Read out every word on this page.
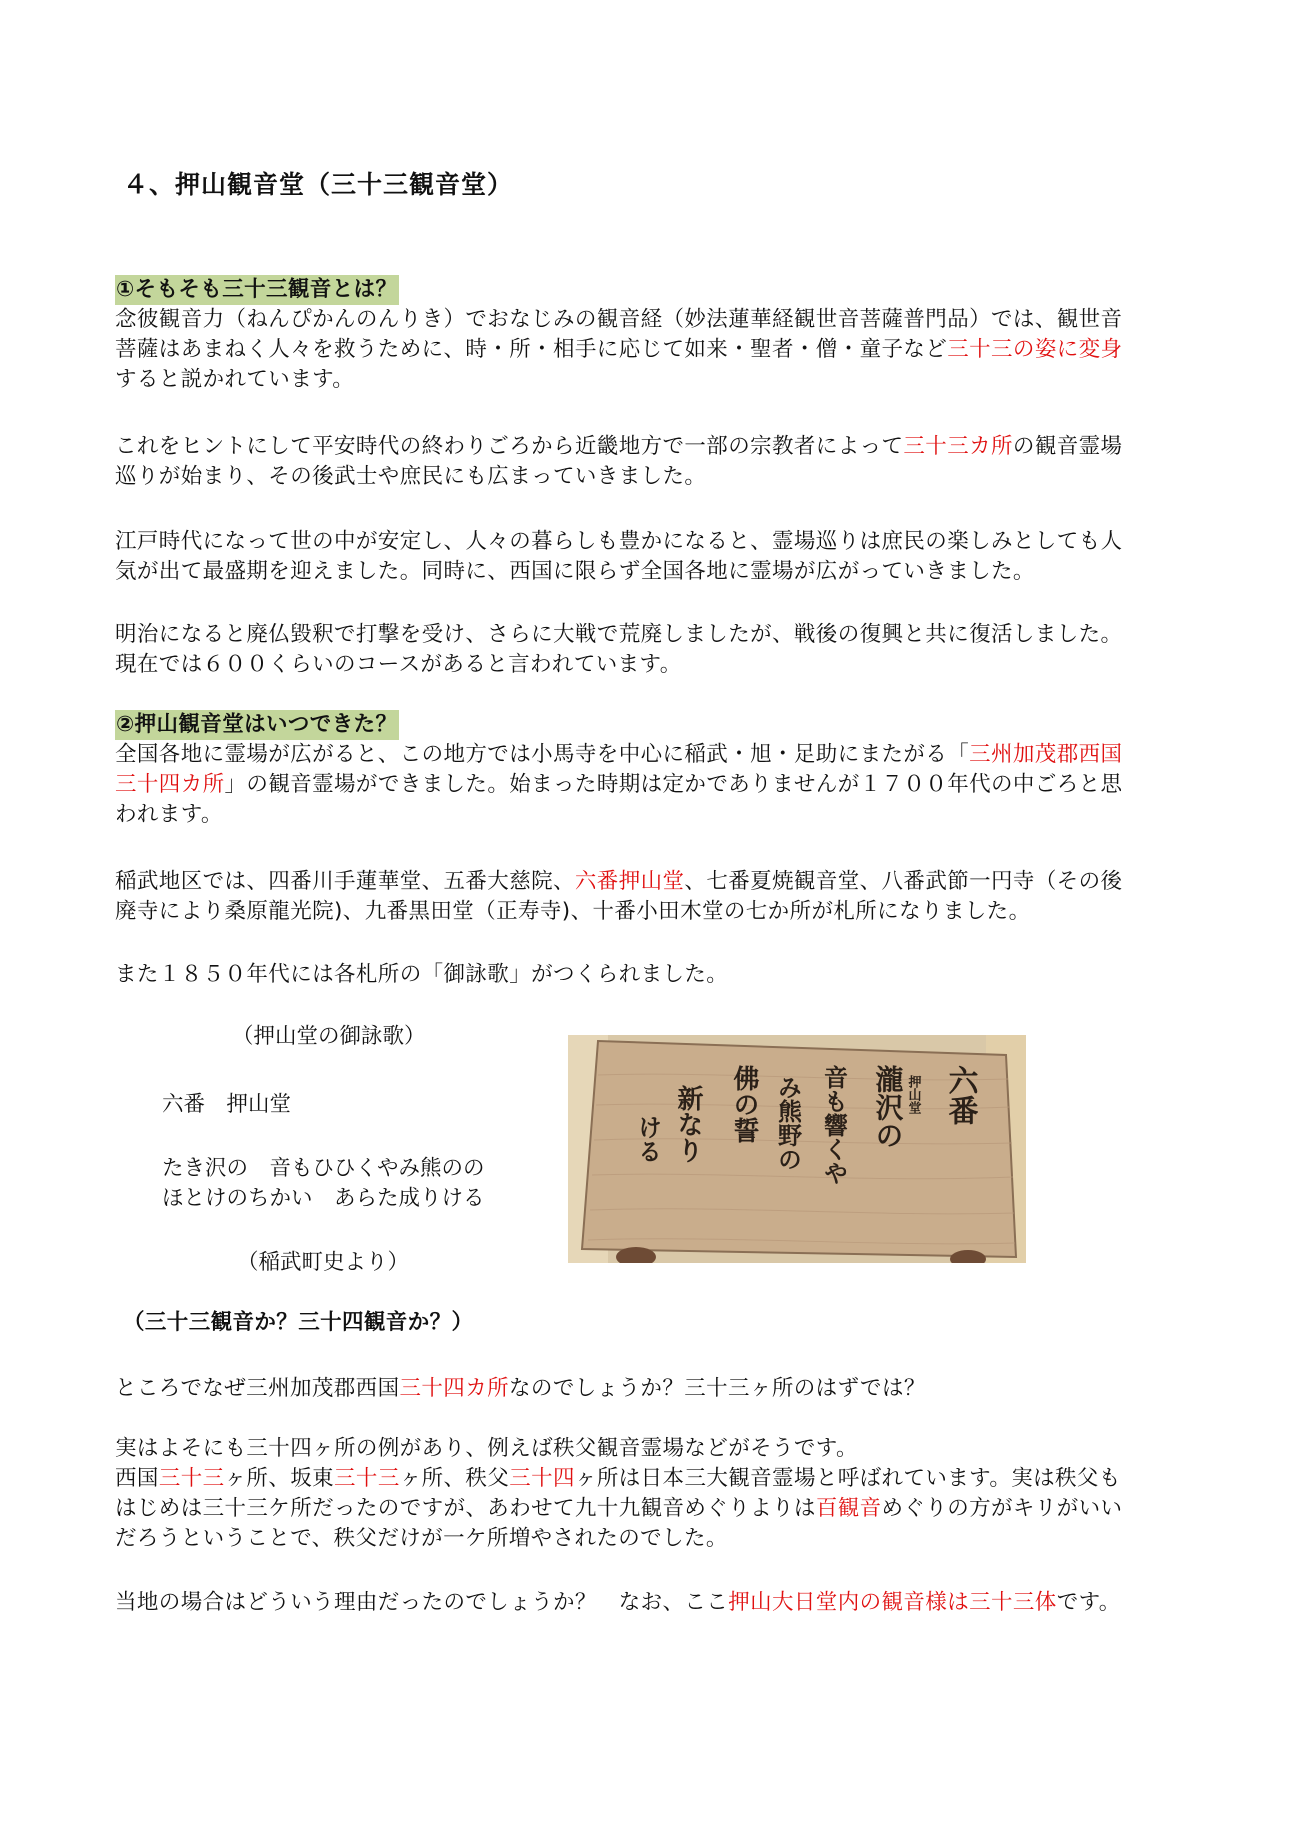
４、押山観音堂（三十三観音堂）
①そもそも三十三観音とは？
念彼観音力（ねんぴかんのんりき）でおなじみの観音経（妙法蓮華経観世音菩薩普門品）では、観世音
菩薩はあまねく人々を救うために、時・所・相手に応じて如来・聖者・僧・童子など三十三の姿に変身
すると説かれています。
これをヒントにして平安時代の終わりごろから近畿地方で一部の宗教者によって三十三カ所の観音霊場
巡りが始まり、その後武士や庶民にも広まっていきました。
江戸時代になって世の中が安定し、人々の暮らしも豊かになると、霊場巡りは庶民の楽しみとしても人
気が出て最盛期を迎えました。同時に、西国に限らず全国各地に霊場が広がっていきました。
明治になると廃仏毀釈で打撃を受け、さらに大戦で荒廃しましたが、戦後の復興と共に復活しました。
現在では６００くらいのコースがあると言われています。
②押山観音堂はいつできた？
全国各地に霊場が広がると、この地方では小馬寺を中心に稲武・旭・足助にまたがる「三州加茂郡西国
三十四カ所」の観音霊場ができました。始まった時期は定かでありませんが１７００年代の中ごろと思
われます。
稲武地区では、四番川手蓮華堂、五番大慈院、六番押山堂、七番夏焼観音堂、八番武節一円寺（その後
廃寺により桑原龍光院)、九番黒田堂（正寿寺)、十番小田木堂の七か所が札所になりました。
また１８５０年代には各札所の「御詠歌」がつくられました。
（押山堂の御詠歌）
六番　押山堂
たき沢の　音もひひくやみ熊のの
ほとけのちかい　あらた成りける
（稲武町史より）
六番
押山堂
瀧沢の
音も響くや
み熊野の
佛の誓
新なり
ける
（三十三観音か？三十四観音か？）
ところでなぜ三州加茂郡西国三十四カ所なのでしょうか？三十三ヶ所のはずでは？
実はよそにも三十四ヶ所の例があり、例えば秩父観音霊場などがそうです。
西国三十三ヶ所、坂東三十三ヶ所、秩父三十四ヶ所は日本三大観音霊場と呼ばれています。実は秩父も
はじめは三十三ケ所だったのですが、あわせて九十九観音めぐりよりは百観音めぐりの方がキリがいい
だろうということで、秩父だけが一ケ所増やされたのでした。
当地の場合はどういう理由だったのでしょうか？　なお、ここ押山大日堂内の観音様は三十三体です。
